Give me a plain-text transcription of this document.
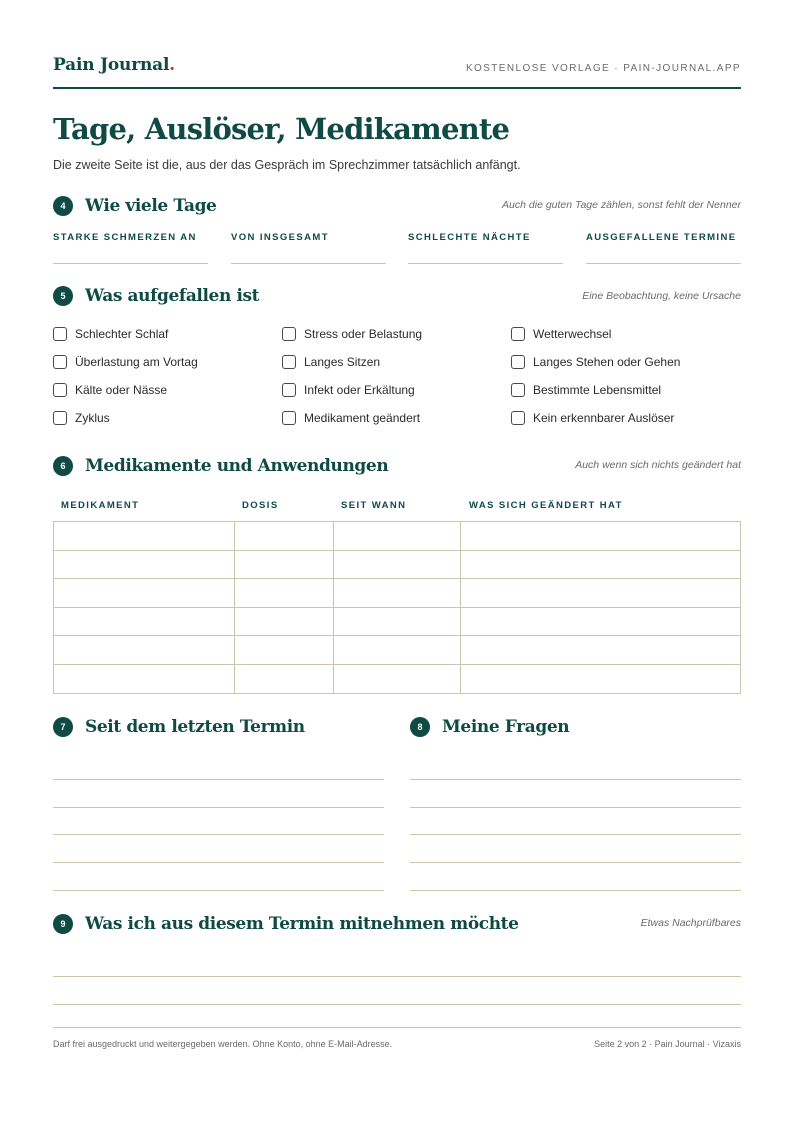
Pain Journal.	KOSTENLOSE VORLAGE · PAIN-JOURNAL.APP
Tage, Auslöser, Medikamente

Die zweite Seite ist die, aus der das Gespräch im Sprechzimmer tatsächlich anfängt.

4	Wie viele Tage	Auch die guten Tage zählen, sonst fehlt der Nenner
STARKE SCHMERZEN AN	VON INSGESAMT	SCHLECHTE NÄCHTE	AUSGEFALLENE TERMINE
5	Was aufgefallen ist	Eine Beobachtung, keine Ursache
Schlechter Schlaf	Stress oder Belastung	Wetterwechsel
Überlastung am Vortag	Langes Sitzen	Langes Stehen oder Gehen
Kälte oder Nässe	Infekt oder Erkältung	Bestimmte Lebensmittel
Zyklus	Medikament geändert	Kein erkennbarer Auslöser
6	Medikamente und Anwendungen	Auch wenn sich nichts geändert hat
MEDIKAMENT	DOSIS	SEIT WANN	WAS SICH GEÄNDERT HAT

7	Seit dem letzten Termin	8	Meine Fragen
9	Was ich aus diesem Termin mitnehmen möchte	Etwas Nachprüfbares
Darf frei ausgedruckt und weitergegeben werden. Ohne Konto, ohne E-Mail-Adresse.	Seite 2 von 2 · Pain Journal · Vizaxis
